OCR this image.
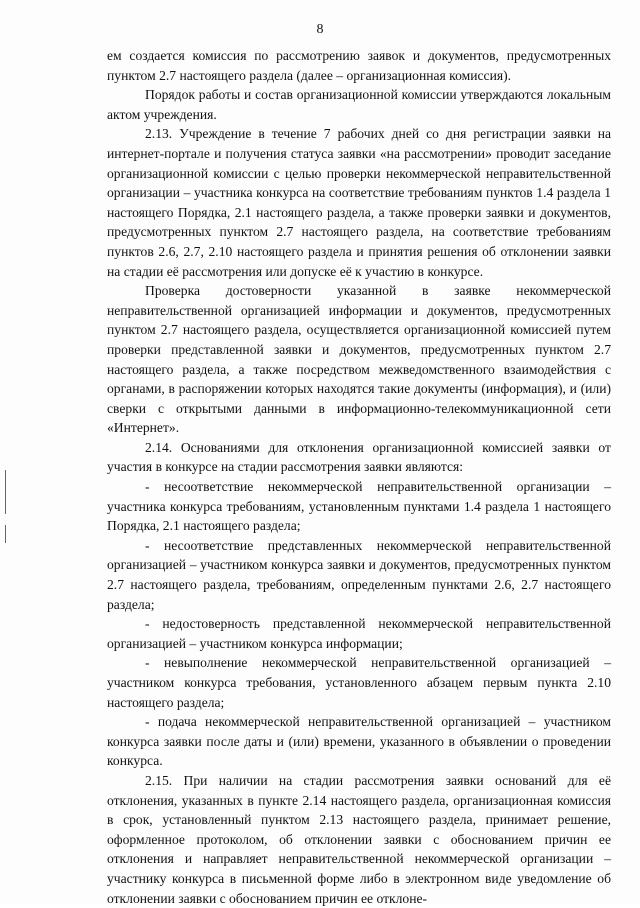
8

ем создается комиссия по рассмотрению заявок и документов, предусмотренных пунктом 2.7 настоящего раздела (далее – организационная комиссия).

Порядок работы и состав организационной комиссии утверждаются локальным актом учреждения.

2.13. Учреждение в течение 7 рабочих дней со дня регистрации заявки на интернет-портале и получения статуса заявки «на рассмотрении» проводит заседание организационной комиссии с целью проверки некоммерческой неправительственной организации – участника конкурса на соответствие требованиям пунктов 1.4 раздела 1 настоящего Порядка, 2.1 настоящего раздела, а также проверки заявки и документов, предусмотренных пунктом 2.7 настоящего раздела, на соответствие требованиям пунктов 2.6, 2.7, 2.10 настоящего раздела и принятия решения об отклонении заявки на стадии её рассмотрения или допуске её к участию в конкурсе.

Проверка достоверности указанной в заявке некоммерческой неправительственной организацией информации и документов, предусмотренных пунктом 2.7 настоящего раздела, осуществляется организационной комиссией путем проверки представленной заявки и документов, предусмотренных пунктом 2.7 настоящего раздела, а также посредством межведомственного взаимодействия с органами, в распоряжении которых находятся такие документы (информация), и (или) сверки с открытыми данными в информационно-телекоммуникационной сети «Интернет».

2.14. Основаниями для отклонения организационной комиссией заявки от участия в конкурсе на стадии рассмотрения заявки являются:

- несоответствие некоммерческой неправительственной организации – участника конкурса требованиям, установленным пунктами 1.4 раздела 1 настоящего Порядка, 2.1 настоящего раздела;

- несоответствие представленных некоммерческой неправительственной организацией – участником конкурса заявки и документов, предусмотренных пунктом 2.7 настоящего раздела, требованиям, определенным пунктами 2.6, 2.7 настоящего раздела;

- недостоверность представленной некоммерческой неправительственной организацией – участником конкурса информации;

- невыполнение некоммерческой неправительственной организацией – участником конкурса требования, установленного абзацем первым пункта 2.10 настоящего раздела;

- подача некоммерческой неправительственной организацией – участником конкурса заявки после даты и (или) времени, указанного в объявлении о проведении конкурса.

2.15. При наличии на стадии рассмотрения заявки оснований для её отклонения, указанных в пункте 2.14 настоящего раздела, организационная комиссия в срок, установленный пунктом 2.13 настоящего раздела, принимает решение, оформленное протоколом, об отклонении заявки с обоснованием причин ее отклонения и направляет неправительственной некоммерческой организации – участнику конкурса в письменной форме либо в электронном виде уведомление об отклонении заявки с обоснованием причин ее отклоне-
